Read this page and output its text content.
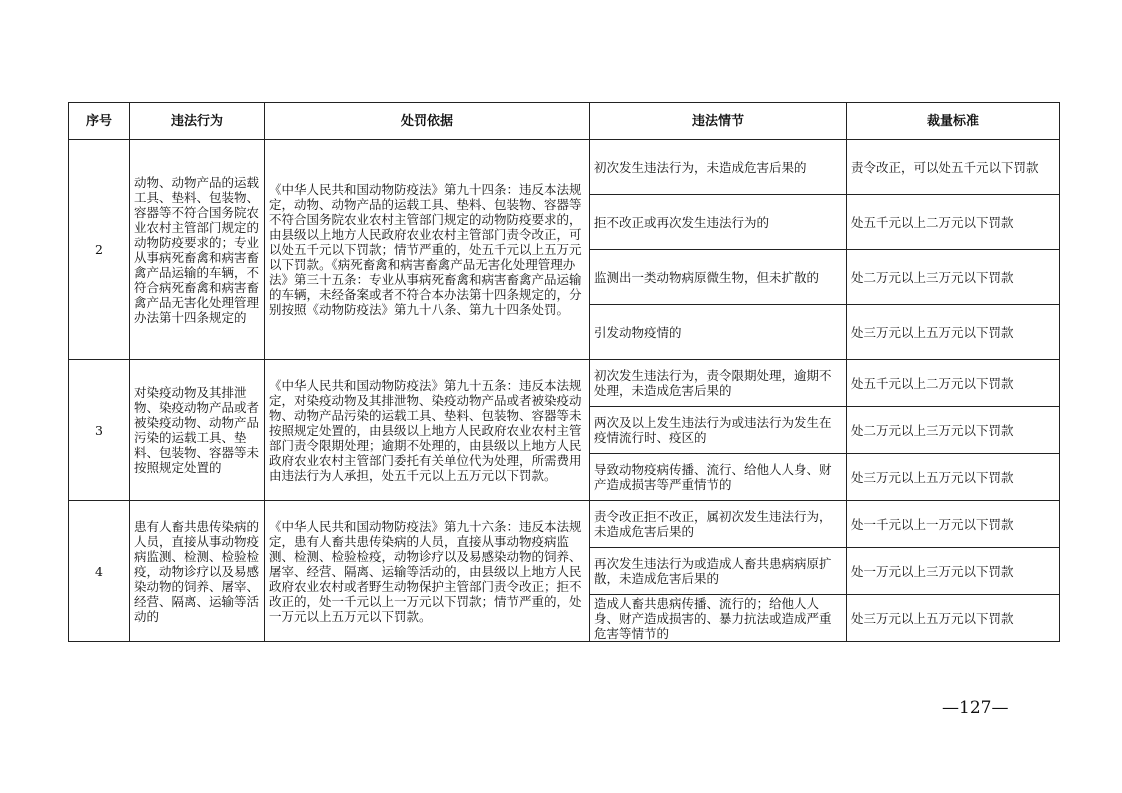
序号	违法行为	处罚依据	违法情节	裁量标准
2	动物、动物产品的运载工具、垫料、包装物、容器等不符合国务院农业农村主管部门规定的动物防疫要求的；专业从事病死畜禽和病害畜禽产品运输的车辆，不符合病死畜禽和病害畜禽产品无害化处理管理办法第十四条规定的	《中华人民共和国动物防疫法》第九十四条：违反本法规定，动物、动物产品的运载工具、垫料、包装物、容器等不符合国务院农业农村主管部门规定的动物防疫要求的，由县级以上地方人民政府农业农村主管部门责令改正，可以处五千元以下罚款；情节严重的，处五千元以上五万元以下罚款。《病死畜禽和病害畜禽产品无害化处理管理办法》第三十五条：专业从事病死畜禽和病害畜禽产品运输的车辆，未经备案或者不符合本办法第十四条规定的，分别按照《动物防疫法》第九十八条、第九十四条处罚。	初次发生违法行为，未造成危害后果的	责令改正，可以处五千元以下罚款
			拒不改正或再次发生违法行为的	处五千元以上二万元以下罚款
			监测出一类动物病原微生物，但未扩散的	处二万元以上三万元以下罚款
			引发动物疫情的	处三万元以上五万元以下罚款
3	对染疫动物及其排泄物、染疫动物产品或者被染疫动物、动物产品污染的运载工具、垫料、包装物、容器等未按照规定处置的	《中华人民共和国动物防疫法》第九十五条：违反本法规定，对染疫动物及其排泄物、染疫动物产品或者被染疫动物、动物产品污染的运载工具、垫料、包装物、容器等未按照规定处置的，由县级以上地方人民政府农业农村主管部门责令限期处理；逾期不处理的，由县级以上地方人民政府农业农村主管部门委托有关单位代为处理，所需费用由违法行为人承担，处五千元以上五万元以下罚款。	初次发生违法行为，责令限期处理，逾期不处理，未造成危害后果的	处五千元以上二万元以下罚款
			两次及以上发生违法行为或违法行为发生在疫情流行时、疫区的	处二万元以上三万元以下罚款
			导致动物疫病传播、流行、给他人人身、财产造成损害等严重情节的	处三万元以上五万元以下罚款
4	患有人畜共患传染病的人员，直接从事动物疫病监测、检测、检验检疫，动物诊疗以及易感染动物的饲养、屠宰、经营、隔离、运输等活动的	《中华人民共和国动物防疫法》第九十六条：违反本法规定，患有人畜共患传染病的人员，直接从事动物疫病监测、检测、检验检疫，动物诊疗以及易感染动物的饲养、屠宰、经营、隔离、运输等活动的，由县级以上地方人民政府农业农村或者野生动物保护主管部门责令改正；拒不改正的，处一千元以上一万元以下罚款；情节严重的，处一万元以上五万元以下罚款。	责令改正拒不改正，属初次发生违法行为，未造成危害后果的	处一千元以上一万元以下罚款
			再次发生违法行为或造成人畜共患病病原扩散，未造成危害后果的	处一万元以上三万元以下罚款
			造成人畜共患病传播、流行的；给他人人身、财产造成损害的、暴力抗法或造成严重危害等情节的	处三万元以上五万元以下罚款
—127—
